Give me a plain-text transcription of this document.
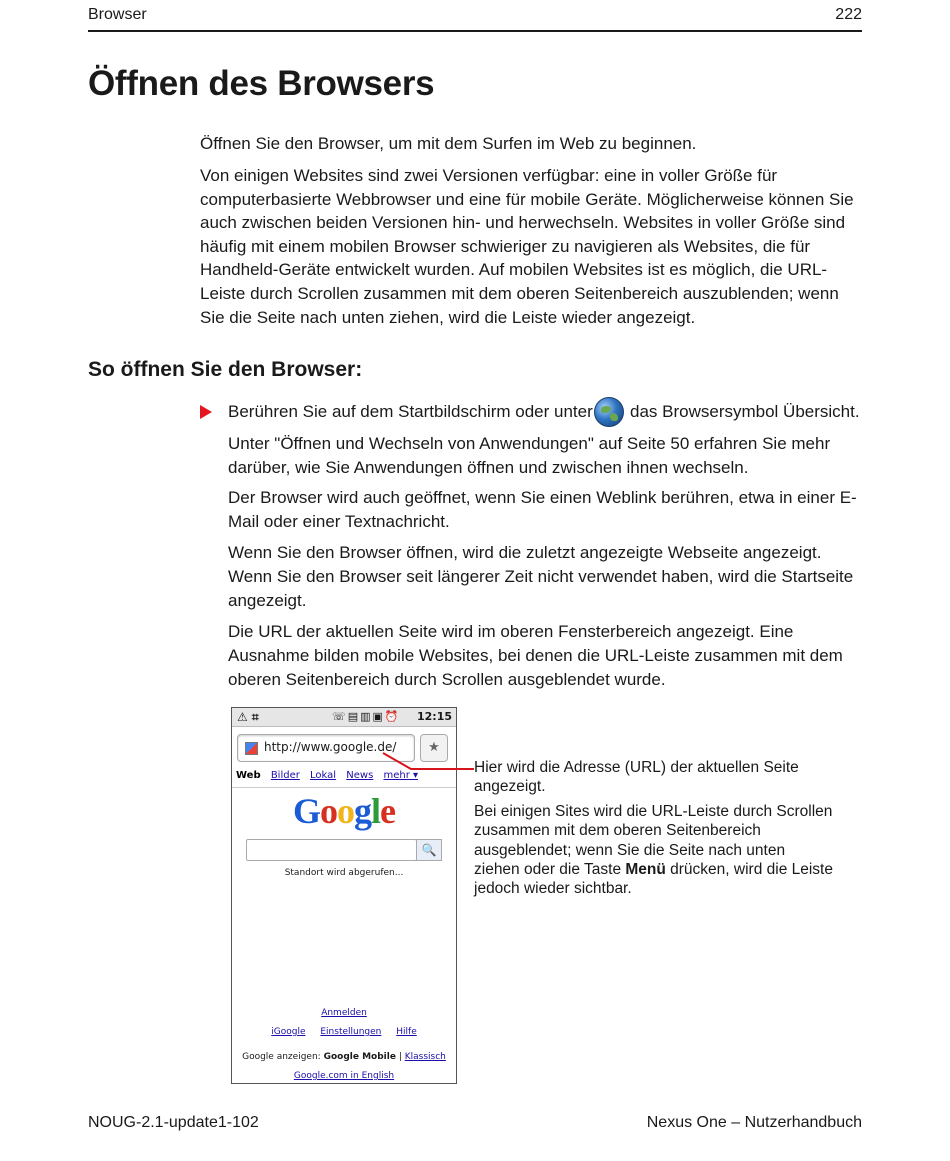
Browser	222
Öffnen des Browsers

Öffnen Sie den Browser, um mit dem Surfen im Web zu beginnen.

Von einigen Websites sind zwei Versionen verfügbar: eine in voller Größe für computerbasierte Webbrowser und eine für mobile Geräte. Möglicherweise können Sie auch zwischen beiden Versionen hin- und herwechseln. Websites in voller Größe sind häufig mit einem mobilen Browser schwieriger zu navigieren als Websites, die für Handheld-Geräte entwickelt wurden. Auf mobilen Websites ist es möglich, die URL-Leiste durch Scrollen zusammen mit dem oberen Seitenbereich auszublenden; wenn Sie die Seite nach unten ziehen, wird die Leiste wieder angezeigt.

So öffnen Sie den Browser:
Berühren Sie auf dem Startbildschirm oder unter das Browsersymbol Übersicht.

Unter "Öffnen und Wechseln von Anwendungen" auf Seite 50 erfahren Sie mehr darüber, wie Sie Anwendungen öffnen und zwischen ihnen wechseln.

Der Browser wird auch geöffnet, wenn Sie einen Weblink berühren, etwa in einer E-Mail oder einer Textnachricht.

Wenn Sie den Browser öffnen, wird die zuletzt angezeigte Webseite angezeigt. Wenn Sie den Browser seit längerer Zeit nicht verwendet haben, wird die Startseite angezeigt.

Die URL der aktuellen Seite wird im oberen Fensterbereich angezeigt. Eine Ausnahme bilden mobile Websites, bei denen die URL-Leiste zusammen mit dem oberen Seitenbereich durch Scrollen ausgeblendet wurde.

⚠ ⌗	☏▤▥▣⏰ 12:15
http://www.google.de/	★
Web Bilder Lokal News mehr ▾
Google
🔍
Standort wird abgerufen...
Anmelden
iGoogle Einstellungen Hilfe
Google anzeigen: Google Mobile | Klassisch
Google.com in English

Hier wird die Adresse (URL) der aktuellen Seite angezeigt.

Bei einigen Sites wird die URL-Leiste durch Scrollen zusammen mit dem oberen Seitenbereich ausgeblendet; wenn Sie die Seite nach unten ziehen oder die Taste Menü drücken, wird die Leiste jedoch wieder sichtbar.

NOUG-2.1-update1-102	Nexus One – Nutzerhandbuch
